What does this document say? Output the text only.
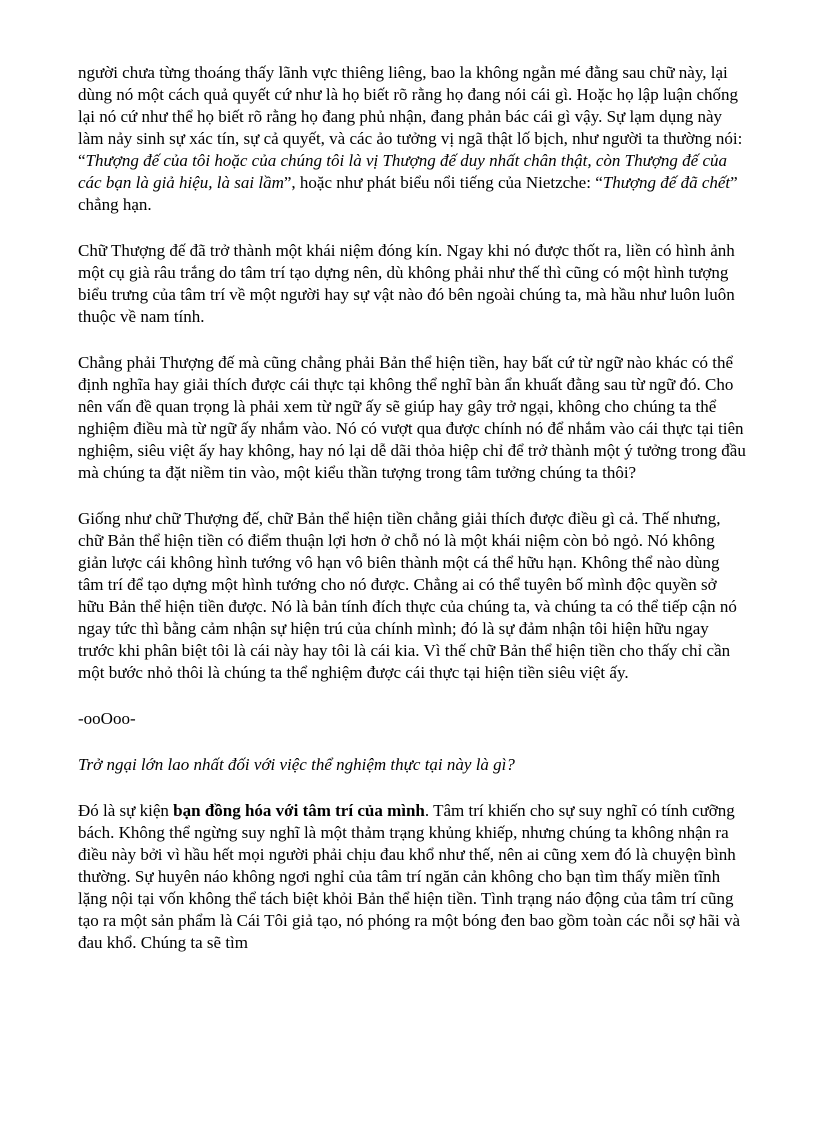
người chưa từng thoáng thấy lãnh vực thiêng liêng, bao la không ngằn mé đằng sau chữ này, lại dùng nó một cách quả quyết cứ như là họ biết rõ rằng họ đang nói cái gì. Hoặc họ lập luận chống lại nó cứ như thể họ biết rõ rằng họ đang phủ nhận, đang phản bác cái gì vậy. Sự lạm dụng này làm nảy sinh sự xác tín, sự cả quyết, và các ảo tưởng vị ngã thật lố bịch, như người ta thường nói: “Thượng đế của tôi hoặc của chúng tôi là vị Thượng đế duy nhất chân thật, còn Thượng đế của các bạn là giả hiệu, là sai lầm”, hoặc như phát biểu nổi tiếng của Nietzche: “Thượng đế đã chết” chẳng hạn.

Chữ Thượng đế đã trở thành một khái niệm đóng kín. Ngay khi nó được thốt ra, liền có hình ảnh một cụ già râu trắng do tâm trí tạo dựng nên, dù không phải như thế thì cũng có một hình tượng biểu trưng của tâm trí về một người hay sự vật nào đó bên ngoài chúng ta, mà hầu như luôn luôn thuộc về nam tính.

Chẳng phải Thượng đế mà cũng chẳng phải Bản thể hiện tiền, hay bất cứ từ ngữ nào khác có thể định nghĩa hay giải thích được cái thực tại không thể nghĩ bàn ẩn khuất đằng sau từ ngữ đó. Cho nên vấn đề quan trọng là phải xem từ ngữ ấy sẽ giúp hay gây trở ngại, không cho chúng ta thể nghiệm điều mà từ ngữ ấy nhắm vào. Nó có vượt qua được chính nó để nhắm vào cái thực tại tiên nghiệm, siêu việt ấy hay không, hay nó lại dễ dãi thỏa hiệp chỉ để trở thành một ý tưởng trong đầu mà chúng ta đặt niềm tin vào, một kiểu thần tượng trong tâm tưởng chúng ta thôi?

Giống như chữ Thượng đế, chữ Bản thể hiện tiền chẳng giải thích được điều gì cả. Thế nhưng, chữ Bản thể hiện tiền có điểm thuận lợi hơn ở chỗ nó là một khái niệm còn bỏ ngỏ. Nó không giản lược cái không hình tướng vô hạn vô biên thành một cá thể hữu hạn. Không thể nào dùng tâm trí để tạo dựng một hình tướng cho nó được. Chẳng ai có thể tuyên bố mình độc quyền sở hữu Bản thể hiện tiền được. Nó là bản tính đích thực của chúng ta, và chúng ta có thể tiếp cận nó ngay tức thì bằng cảm nhận sự hiện trú của chính mình; đó là sự đảm nhận tôi hiện hữu ngay trước khi phân biệt tôi là cái này hay tôi là cái kia. Vì thế chữ Bản thể hiện tiền cho thấy chỉ cần một bước nhỏ thôi là chúng ta thể nghiệm được cái thực tại hiện tiền siêu việt ấy.

-ooOoo-

Trở ngại lớn lao nhất đối với việc thể nghiệm thực tại này là gì?

Đó là sự kiện bạn đồng hóa với tâm trí của mình. Tâm trí khiến cho sự suy nghĩ có tính cưỡng bách. Không thể ngừng suy nghĩ là một thảm trạng khủng khiếp, nhưng chúng ta không nhận ra điều này bởi vì hầu hết mọi người phải chịu đau khổ như thế, nên ai cũng xem đó là chuyện bình thường. Sự huyên náo không ngơi nghỉ của tâm trí ngăn cản không cho bạn tìm thấy miền tĩnh lặng nội tại vốn không thể tách biệt khỏi Bản thể hiện tiền. Tình trạng náo động của tâm trí cũng tạo ra một sản phẩm là Cái Tôi giả tạo, nó phóng ra một bóng đen bao gồm toàn các nỗi sợ hãi và đau khổ. Chúng ta sẽ tìm
